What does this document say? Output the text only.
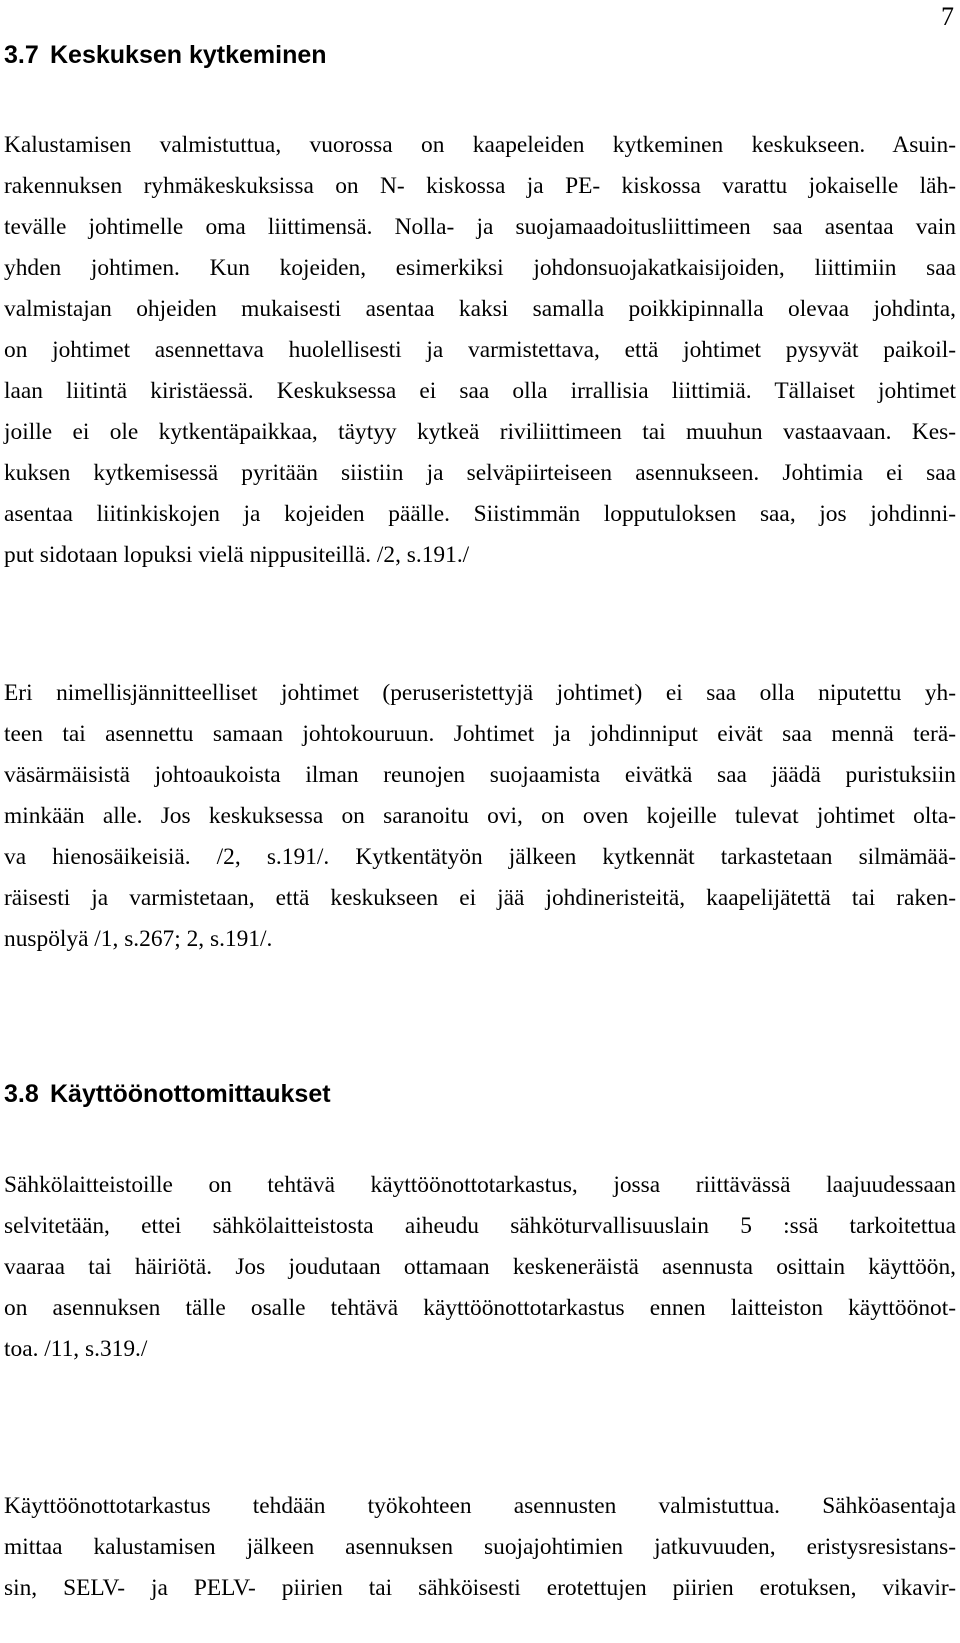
7
3.7 Keskuksen kytkeminen

Kalustamisen valmistuttua, vuorossa on kaapeleiden kytkeminen keskukseen. Asuin-
rakennuksen ryhmäkeskuksissa on N- kiskossa ja PE- kiskossa varattu jokaiselle läh-
tevälle johtimelle oma liittimensä. Nolla- ja suojamaadoitusliittimeen saa asentaa vain
yhden johtimen. Kun kojeiden, esimerkiksi johdonsuojakatkaisijoiden, liittimiin saa
valmistajan ohjeiden mukaisesti asentaa kaksi samalla poikkipinnalla olevaa johdinta,
on johtimet asennettava huolellisesti ja varmistettava, että johtimet pysyvät paikoil-
laan liitintä kiristäessä. Keskuksessa ei saa olla irrallisia liittimiä. Tällaiset johtimet
joille ei ole kytkentäpaikkaa, täytyy kytkeä riviliittimeen tai muuhun vastaavaan. Kes-
kuksen kytkemisessä pyritään siistiin ja selväpiirteiseen asennukseen. Johtimia ei saa
asentaa liitinkiskojen ja kojeiden päälle. Siistimmän lopputuloksen saa, jos johdinni-
put sidotaan lopuksi vielä nippusiteillä. /2, s.191./

Eri nimellisjännitteelliset johtimet (peruseristettyjä johtimet) ei saa olla niputettu yh-
teen tai asennettu samaan johtokouruun. Johtimet ja johdinniput eivät saa mennä terä-
väsärmäisistä johtoaukoista ilman reunojen suojaamista eivätkä saa jäädä puristuksiin
minkään alle. Jos keskuksessa on saranoitu ovi, on oven kojeille tulevat johtimet olta-
va hienosäikeisiä. /2, s.191/. Kytkentätyön jälkeen kytkennät tarkastetaan silmämää-
räisesti ja varmistetaan, että keskukseen ei jää johdineristeitä, kaapelijätettä tai raken-
nuspölyä /1, s.267; 2, s.191/.

3.8 Käyttöönottomittaukset

Sähkölaitteistoille on tehtävä käyttöönottotarkastus, jossa riittävässä laajuudessaan
selvitetään, ettei sähkölaitteistosta aiheudu sähköturvallisuuslain 5 :ssä tarkoitettua
vaaraa tai häiriötä. Jos joudutaan ottamaan keskeneräistä asennusta osittain käyttöön,
on asennuksen tälle osalle tehtävä käyttöönottotarkastus ennen laitteiston käyttöönot-
toa. /11, s.319./

Käyttöönottotarkastus tehdään työkohteen asennusten valmistuttua. Sähköasentaja
mittaa kalustamisen jälkeen asennuksen suojajohtimien jatkuvuuden, eristysresistans-
sin, SELV- ja PELV- piirien tai sähköisesti erotettujen piirien erotuksen, vikavir-
